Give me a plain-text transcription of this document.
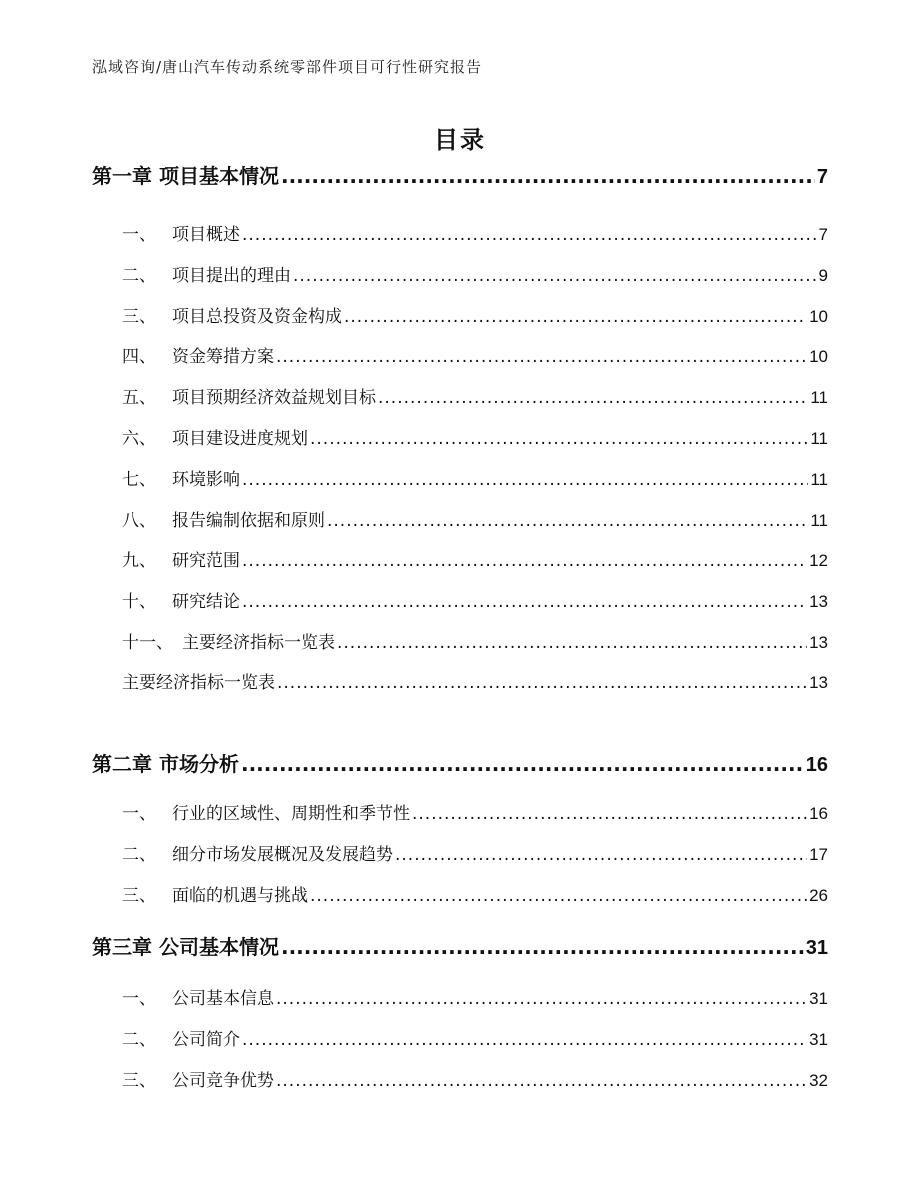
泓域咨询/唐山汽车传动系统零部件项目可行性研究报告
目录
第一章 项目基本情况 .....	7
一、 项目概述 .....	7
二、 项目提出的理由 .....	9
三、 项目总投资及资金构成 .....	10
四、 资金筹措方案 .....	10
五、 项目预期经济效益规划目标 .....	11
六、 项目建设进度规划 .....	11
七、 环境影响 .....	11
八、 报告编制依据和原则 .....	11
九、 研究范围 .....	12
十、 研究结论 .....	13
十一、 主要经济指标一览表 .....	13
主要经济指标一览表 .....	13
第二章 市场分析 .....	16
一、 行业的区域性、周期性和季节性 .....	16
二、 细分市场发展概况及发展趋势 .....	17
三、 面临的机遇与挑战 .....	26
第三章 公司基本情况 .....	31
一、 公司基本信息 .....	31
二、 公司简介 .....	31
三、 公司竞争优势 .....	32
